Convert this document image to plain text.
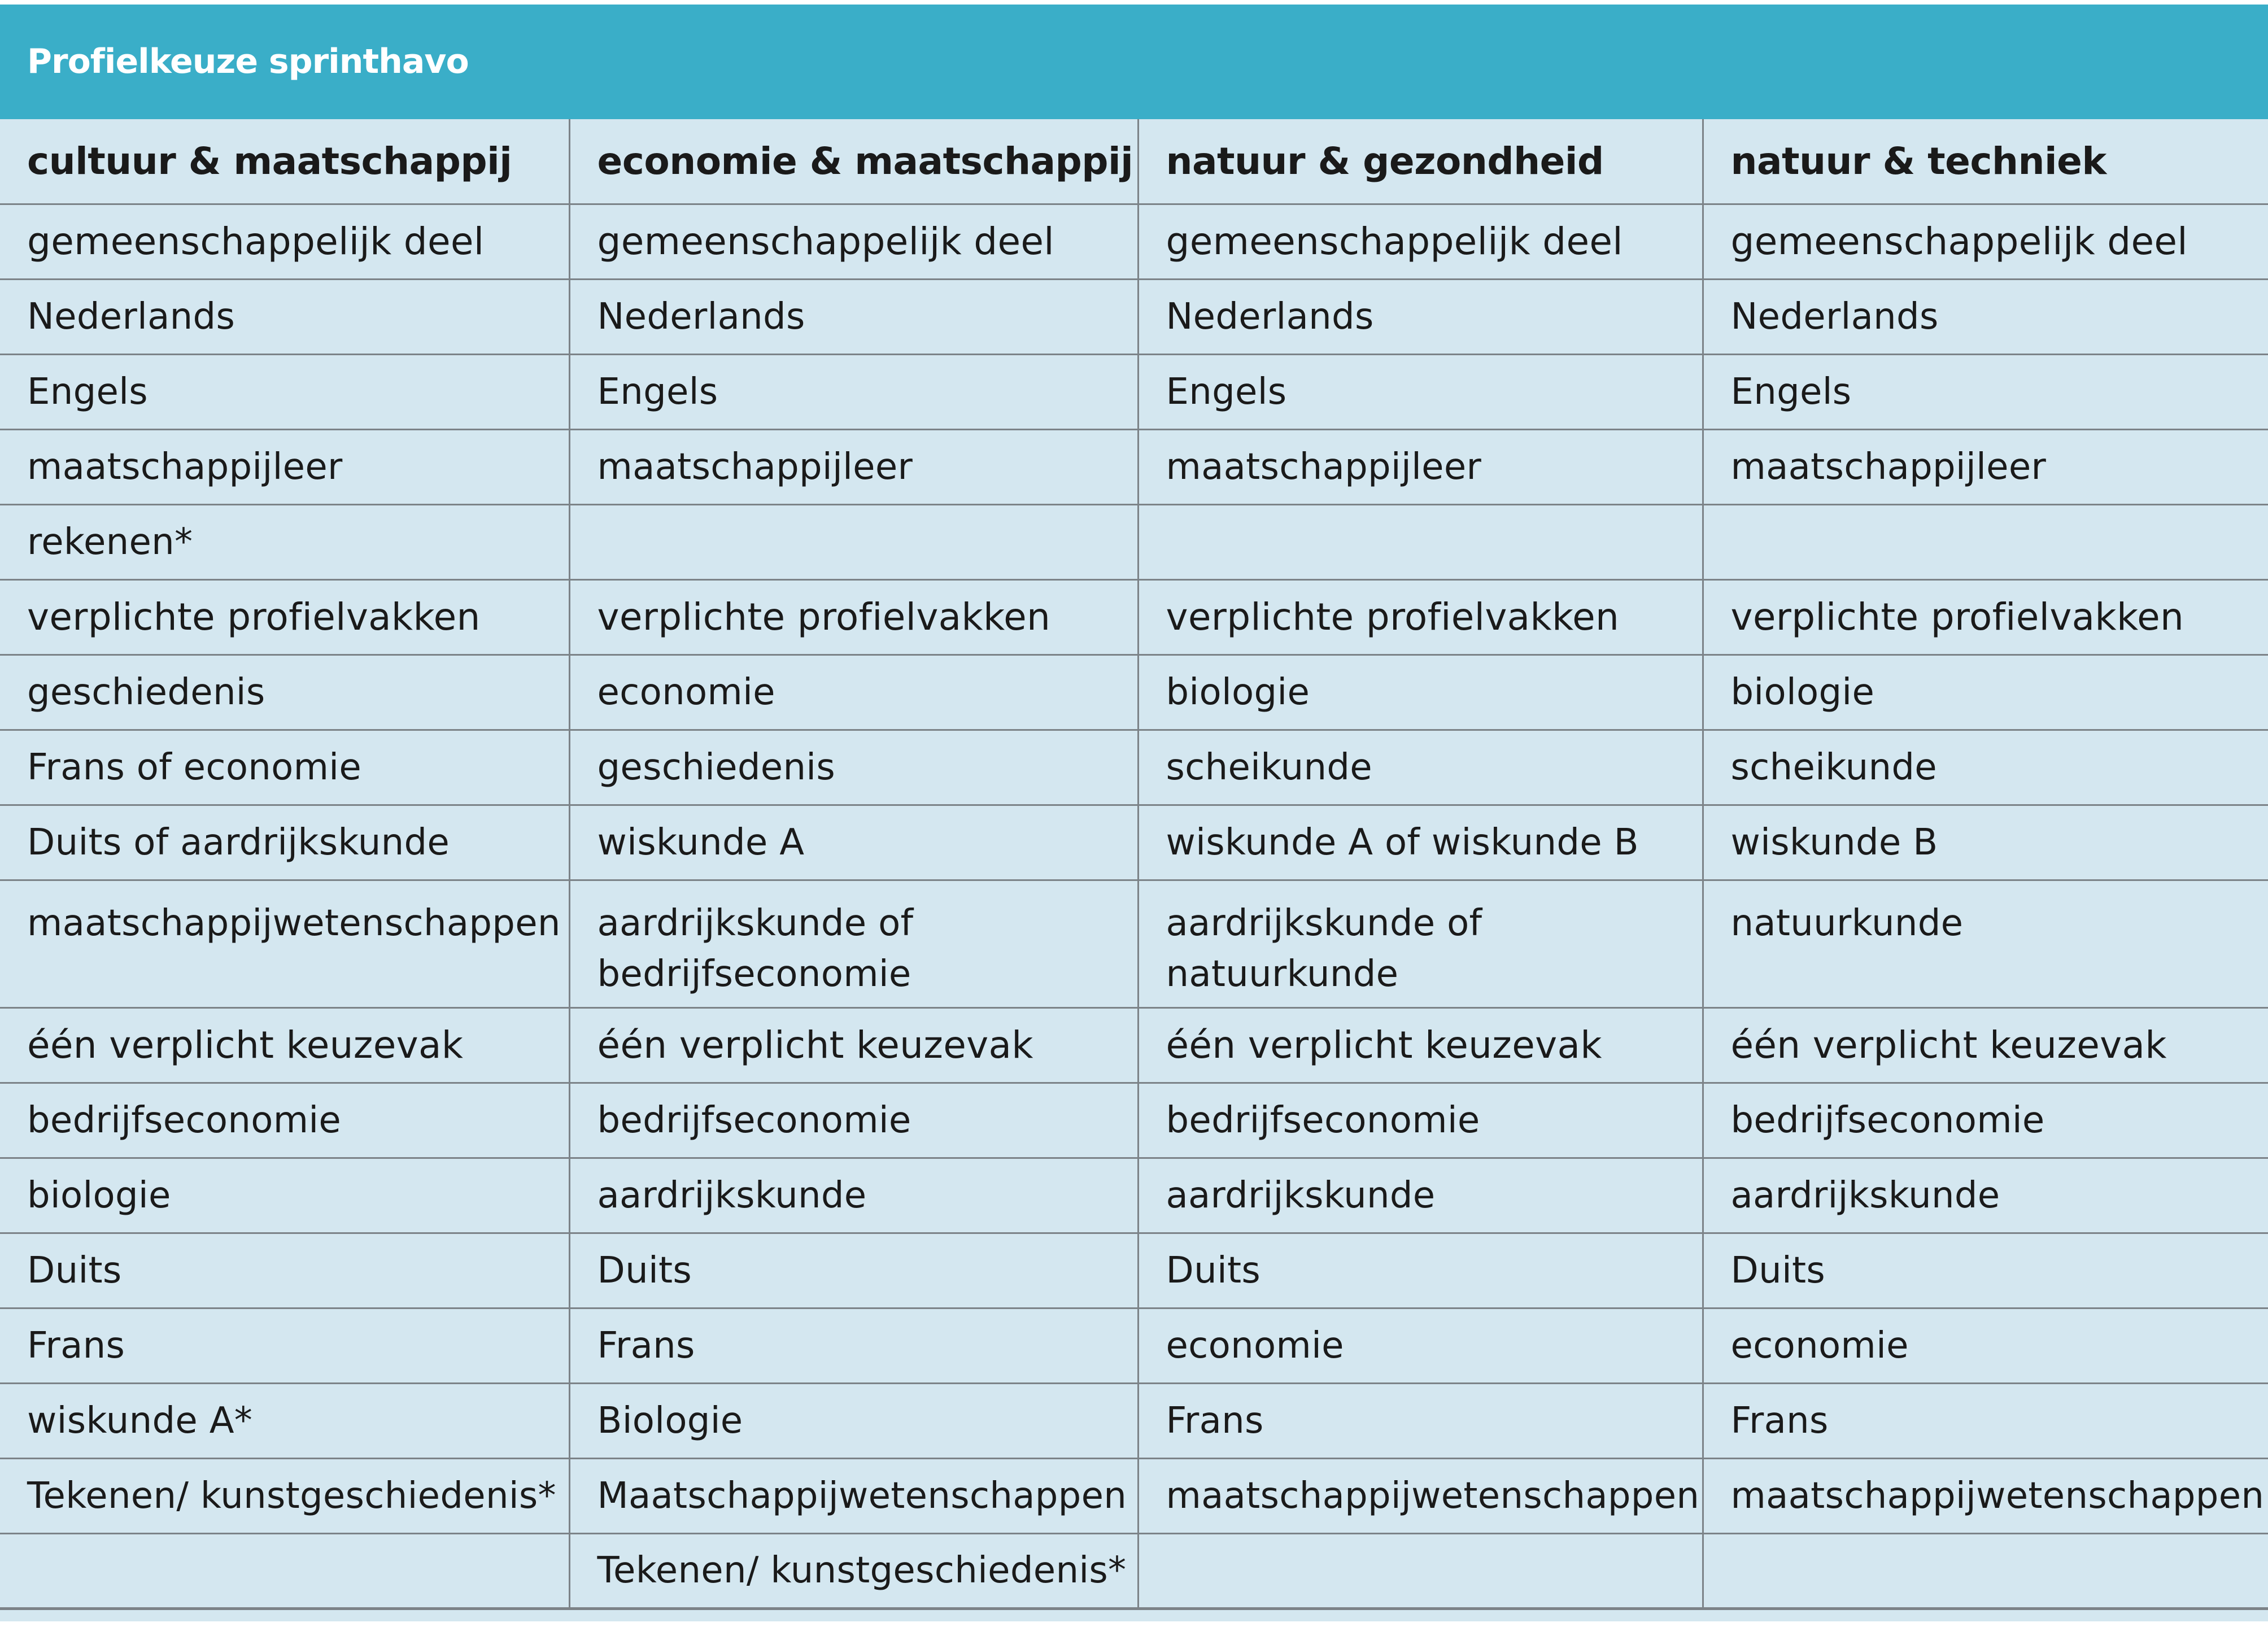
Profielkeuze sprinthavo
cultuur & maatschappij	economie & maatschappij	natuur & gezondheid	natuur & techniek
gemeenschappelijk deel	gemeenschappelijk deel	gemeenschappelijk deel	gemeenschappelijk deel
Nederlands	Nederlands	Nederlands	Nederlands
Engels	Engels	Engels	Engels
maatschappijleer	maatschappijleer	maatschappijleer	maatschappijleer
rekenen*			
verplichte profielvakken	verplichte profielvakken	verplichte profielvakken	verplichte profielvakken
geschiedenis	economie	biologie	biologie
Frans of economie	geschiedenis	scheikunde	scheikunde
Duits of aardrijkskunde	wiskunde A	wiskunde A of wiskunde B	wiskunde B
maatschappijwetenschappen	aardrijkskunde of bedrijfseconomie	aardrijkskunde of natuurkunde	natuurkunde
één verplicht keuzevak	één verplicht keuzevak	één verplicht keuzevak	één verplicht keuzevak
bedrijfseconomie	bedrijfseconomie	bedrijfseconomie	bedrijfseconomie
biologie	aardrijkskunde	aardrijkskunde	aardrijkskunde
Duits	Duits	Duits	Duits
Frans	Frans	economie	economie
wiskunde A*	Biologie	Frans	Frans
Tekenen/ kunstgeschiedenis*	Maatschappijwetenschappen	maatschappijwetenschappen	maatschappijwetenschappen
	Tekenen/ kunstgeschiedenis*		
